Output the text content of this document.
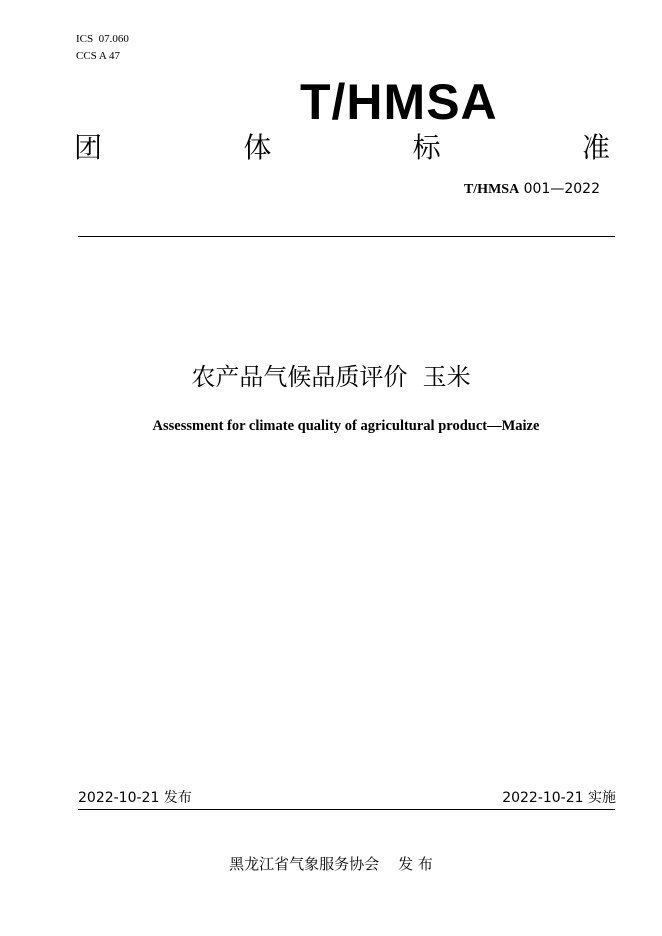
ICS  07.060
CCS A 47
T/HMSA
团	体	标	准
T/HMSA 001—2022
农产品气候品质评价  玉米
Assessment for climate quality of agricultural product—Maize
2022-10-21 发布	2022-10-21 实施
黑龙江省气象服务协会    发 布
